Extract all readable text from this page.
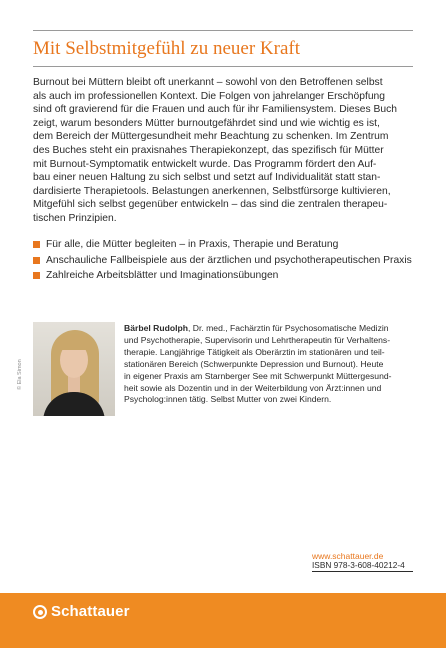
Mit Selbstmitgefühl zu neuer Kraft

Burnout bei Müttern bleibt oft unerkannt – sowohl von den Betroffenen selbst
als auch im professionellen Kontext. Die Folgen von jahrelanger Erschöpfung
sind oft gravierend für die Frauen und auch für ihr Familiensystem. Dieses Buch
zeigt, warum besonders Mütter burnoutgefährdet sind und wie wichtig es ist,
dem Bereich der Müttergesundheit mehr Beachtung zu schenken. Im Zentrum
des Buches steht ein praxisnahes Therapiekonzept, das spezifisch für Mütter
mit Burnout-Symptomatik entwickelt wurde. Das Programm fördert den Auf-
bau einer neuen Haltung zu sich selbst und setzt auf Individualität statt stan-
dardisierte Therapietools. Belastungen anerkennen, Selbstfürsorge kultivieren,
Mitgefühl sich selbst gegenüber entwickeln – das sind die zentralen therapeu-
tischen Prinzipien.

Für alle, die Mütter begleiten – in Praxis, Therapie und Beratung
Anschauliche Fallbeispiele aus der ärztlichen und psychotherapeutischen Praxis
Zahlreiche Arbeitsblätter und Imaginationsübungen
© Ela Simon

Bärbel Rudolph, Dr. med., Fachärztin für Psychosomatische Medizin
und Psychotherapie, Supervisorin und Lehrtherapeutin für Verhaltens-
therapie. Langjährige Tätigkeit als Oberärztin im stationären und teil-
stationären Bereich (Schwerpunkte Depression und Burnout). Heute
in eigener Praxis am Starnberger See mit Schwerpunkt Müttergesund-
heit sowie als Dozentin und in der Weiterbildung von Ärzt:innen und
Psycholog:innen tätig. Selbst Mutter von zwei Kindern.

www.schattauer.de
ISBN 978-3-608-40212-4
Schattauer
